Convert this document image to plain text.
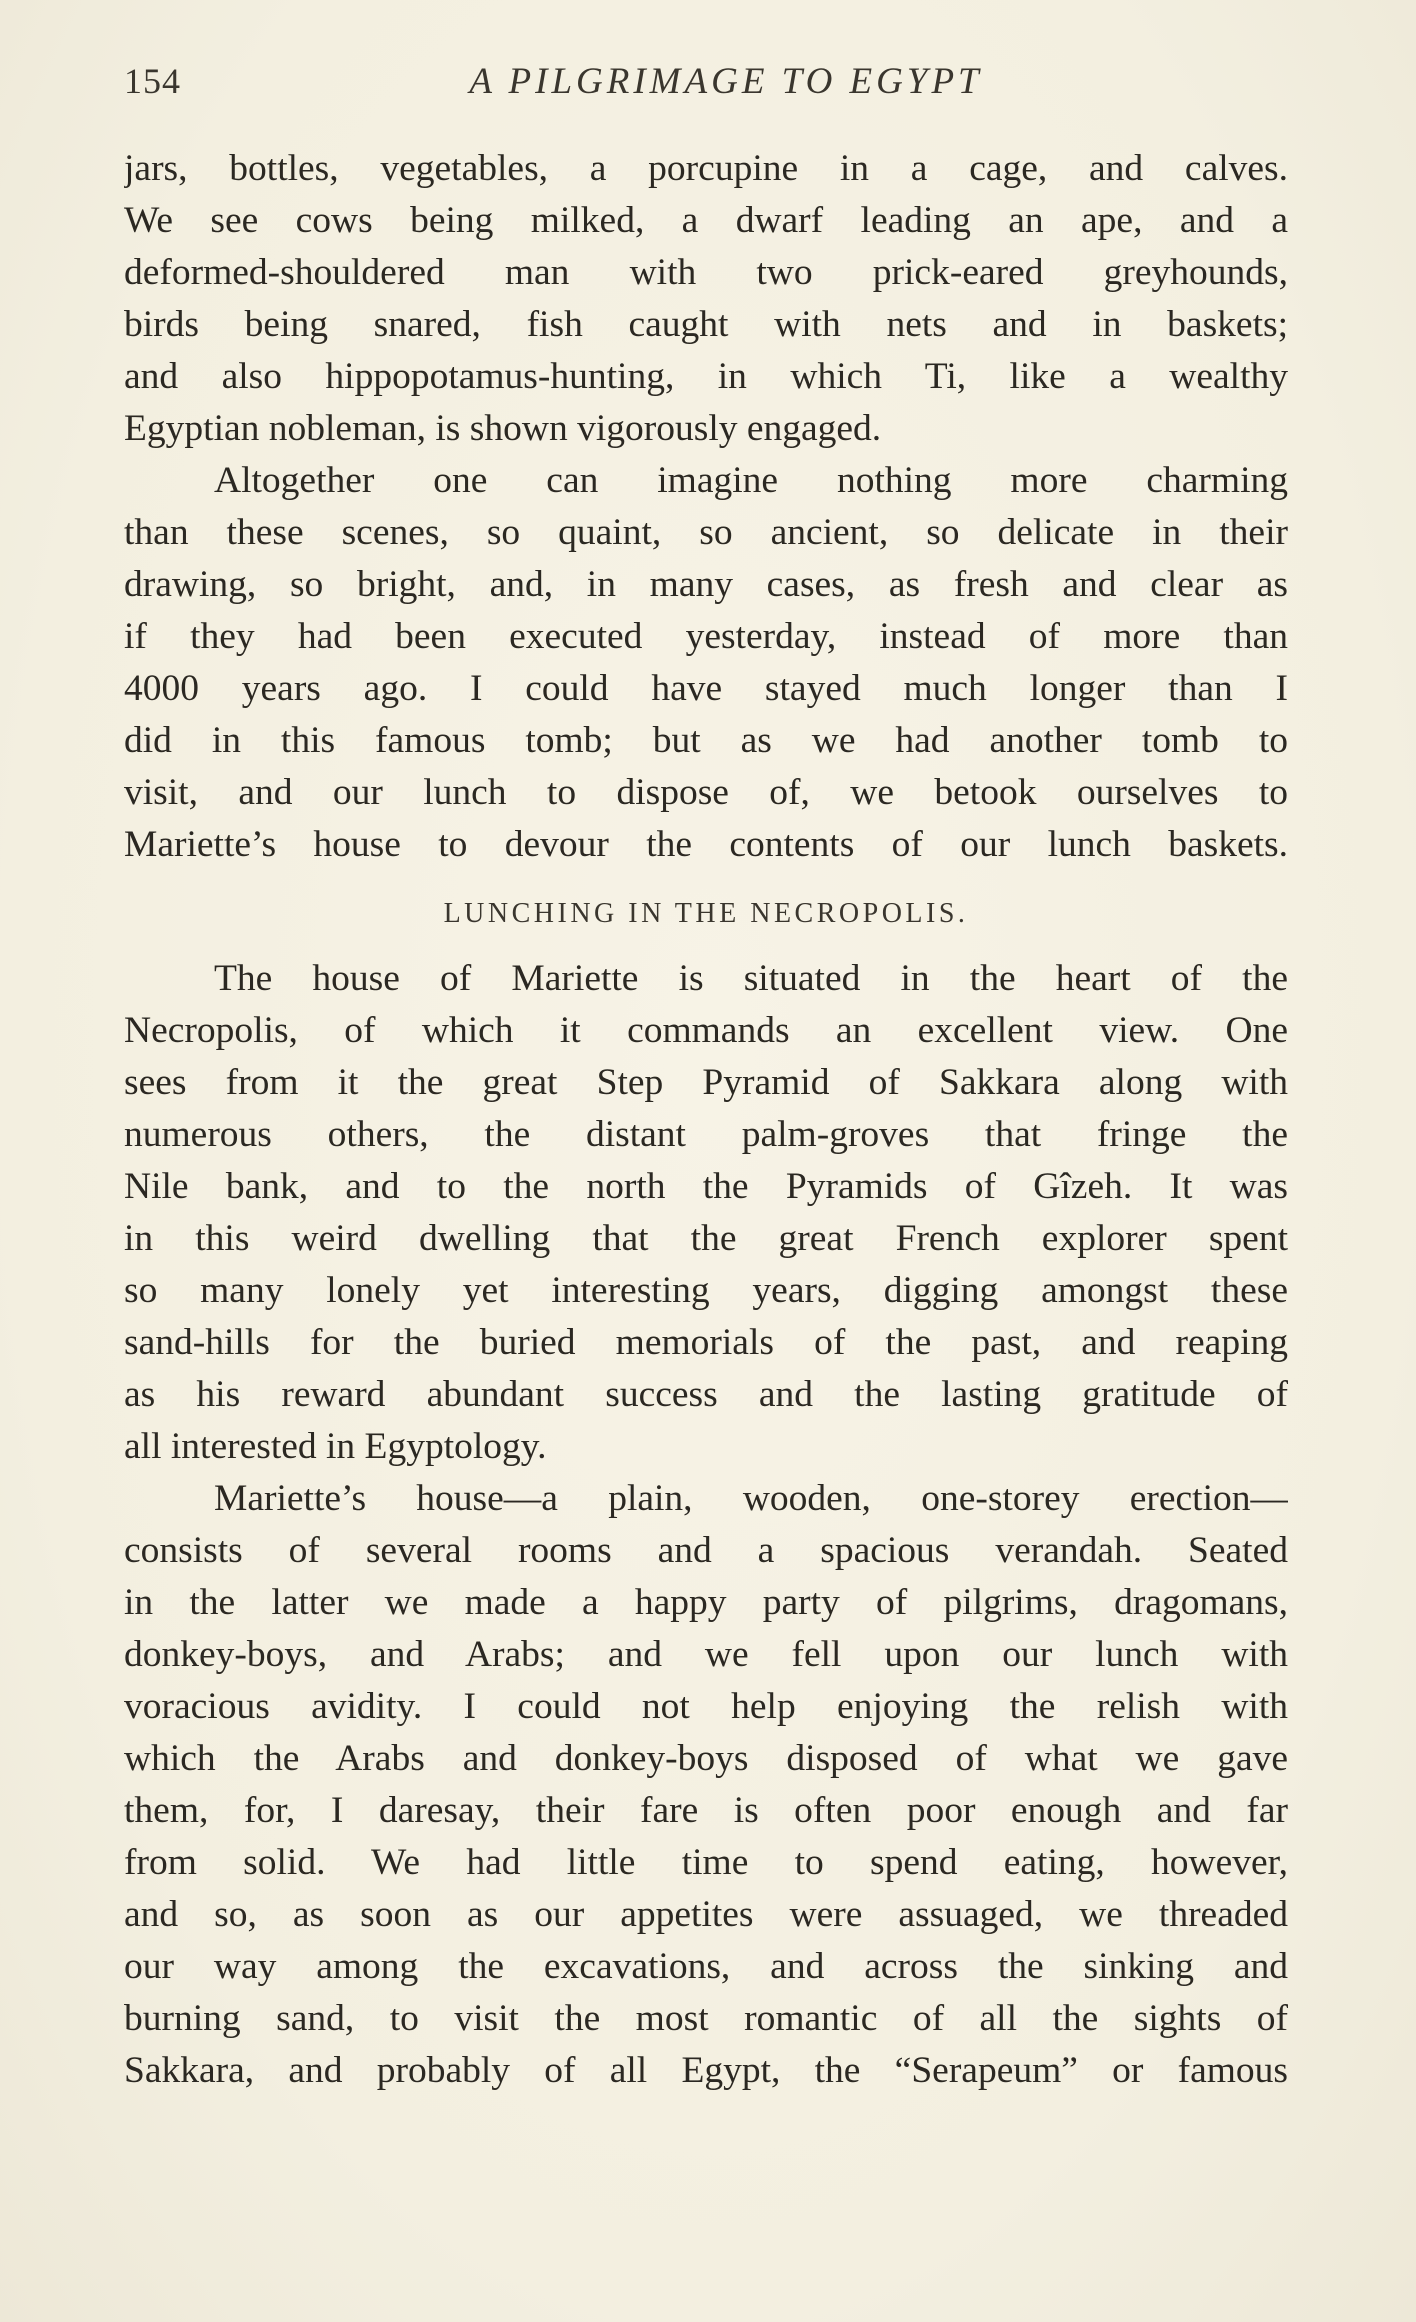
154	A PILGRIMAGE TO EGYPT
jars, bottles, vegetables, a porcupine in a cage, and calves.
We see cows being milked, a dwarf leading an ape, and a
deformed-shouldered man with two prick-eared greyhounds,
birds being snared, fish caught with nets and in baskets;
and also hippopotamus-hunting, in which Ti, like a wealthy
Egyptian nobleman, is shown vigorously engaged.
Altogether one can imagine nothing more charming
than these scenes, so quaint, so ancient, so delicate in their
drawing, so bright, and, in many cases, as fresh and clear as
if they had been executed yesterday, instead of more than
4000 years ago. I could have stayed much longer than I
did in this famous tomb; but as we had another tomb to
visit, and our lunch to dispose of, we betook ourselves to
Mariette’s house to devour the contents of our lunch baskets.
LUNCHING IN THE NECROPOLIS.
The house of Mariette is situated in the heart of the
Necropolis, of which it commands an excellent view. One
sees from it the great Step Pyramid of Sakkara along with
numerous others, the distant palm-groves that fringe the
Nile bank, and to the north the Pyramids of Gîzeh. It was
in this weird dwelling that the great French explorer spent
so many lonely yet interesting years, digging amongst these
sand-hills for the buried memorials of the past, and reaping
as his reward abundant success and the lasting gratitude of
all interested in Egyptology.
Mariette’s house—a plain, wooden, one-storey erection—
consists of several rooms and a spacious verandah. Seated
in the latter we made a happy party of pilgrims, dragomans,
donkey-boys, and Arabs; and we fell upon our lunch with
voracious avidity. I could not help enjoying the relish with
which the Arabs and donkey-boys disposed of what we gave
them, for, I daresay, their fare is often poor enough and far
from solid. We had little time to spend eating, however,
and so, as soon as our appetites were assuaged, we threaded
our way among the excavations, and across the sinking and
burning sand, to visit the most romantic of all the sights of
Sakkara, and probably of all Egypt, the “Serapeum” or famous
